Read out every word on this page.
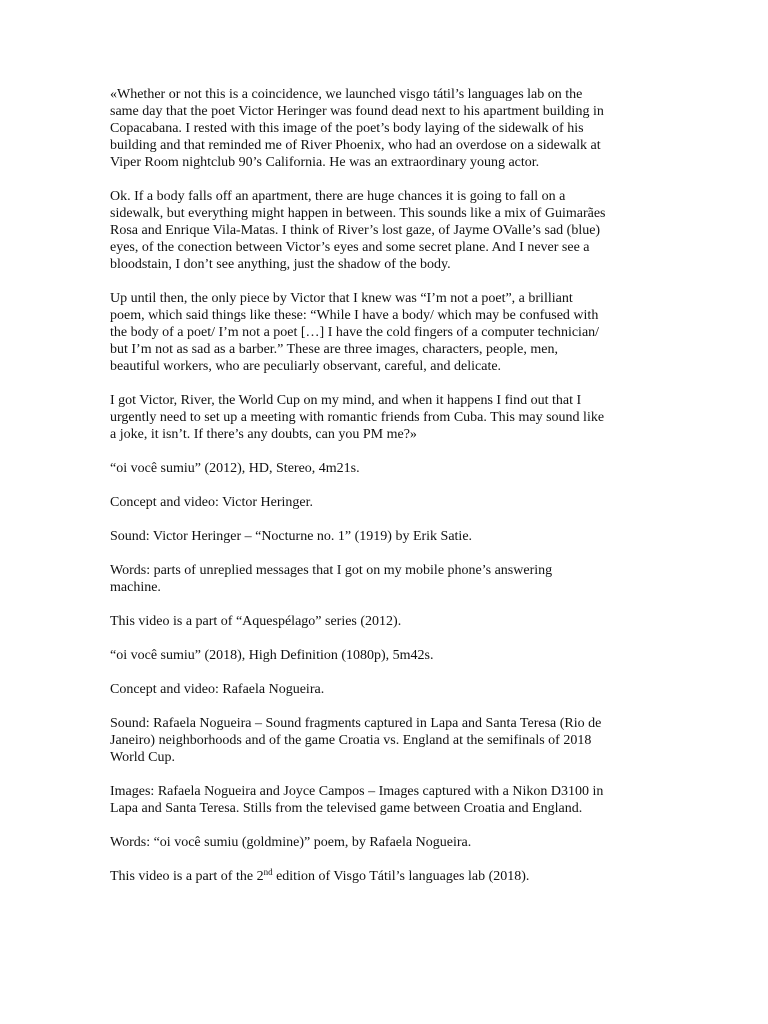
«Whether or not this is a coincidence, we launched visgo tátil’s languages lab on the
same day that the poet Victor Heringer was found dead next to his apartment building in
Copacabana. I rested with this image of the poet’s body laying of the sidewalk of his
building and that reminded me of River Phoenix, who had an overdose on a sidewalk at
Viper Room nightclub 90’s California. He was an extraordinary young actor.

Ok. If a body falls off an apartment, there are huge chances it is going to fall on a
sidewalk, but everything might happen in between. This sounds like a mix of Guimarães
Rosa and Enrique Vila-Matas. I think of River’s lost gaze, of Jayme OValle’s sad (blue)
eyes, of the conection between Victor’s eyes and some secret plane. And I never see a
bloodstain, I don’t see anything, just the shadow of the body.

Up until then, the only piece by Victor that I knew was “I’m not a poet”, a brilliant
poem, which said things like these: “While I have a body/ which may be confused with
the body of a poet/ I’m not a poet […] I have the cold fingers of a computer technician/
but I’m not as sad as a barber.” These are three images, characters, people, men,
beautiful workers, who are peculiarly observant, careful, and delicate.

I got Victor, River, the World Cup on my mind, and when it happens I find out that I
urgently need to set up a meeting with romantic friends from Cuba. This may sound like
a joke, it isn’t. If there’s any doubts, can you PM me?»

“oi você sumiu” (2012), HD, Stereo, 4m21s.

Concept and video: Victor Heringer.

Sound: Victor Heringer – “Nocturne no. 1” (1919) by Erik Satie.

Words: parts of unreplied messages that I got on my mobile phone’s answering
machine.

This video is a part of “Aquespélago” series (2012).

“oi você sumiu” (2018), High Definition (1080p), 5m42s.

Concept and video: Rafaela Nogueira.

Sound: Rafaela Nogueira – Sound fragments captured in Lapa and Santa Teresa (Rio de
Janeiro) neighborhoods and of the game Croatia vs. England at the semifinals of 2018
World Cup.

Images: Rafaela Nogueira and Joyce Campos – Images captured with a Nikon D3100 in
Lapa and Santa Teresa. Stills from the televised game between Croatia and England.

Words: “oi você sumiu (goldmine)” poem, by Rafaela Nogueira.

This video is a part of the 2nd edition of Visgo Tátil’s languages lab (2018).
